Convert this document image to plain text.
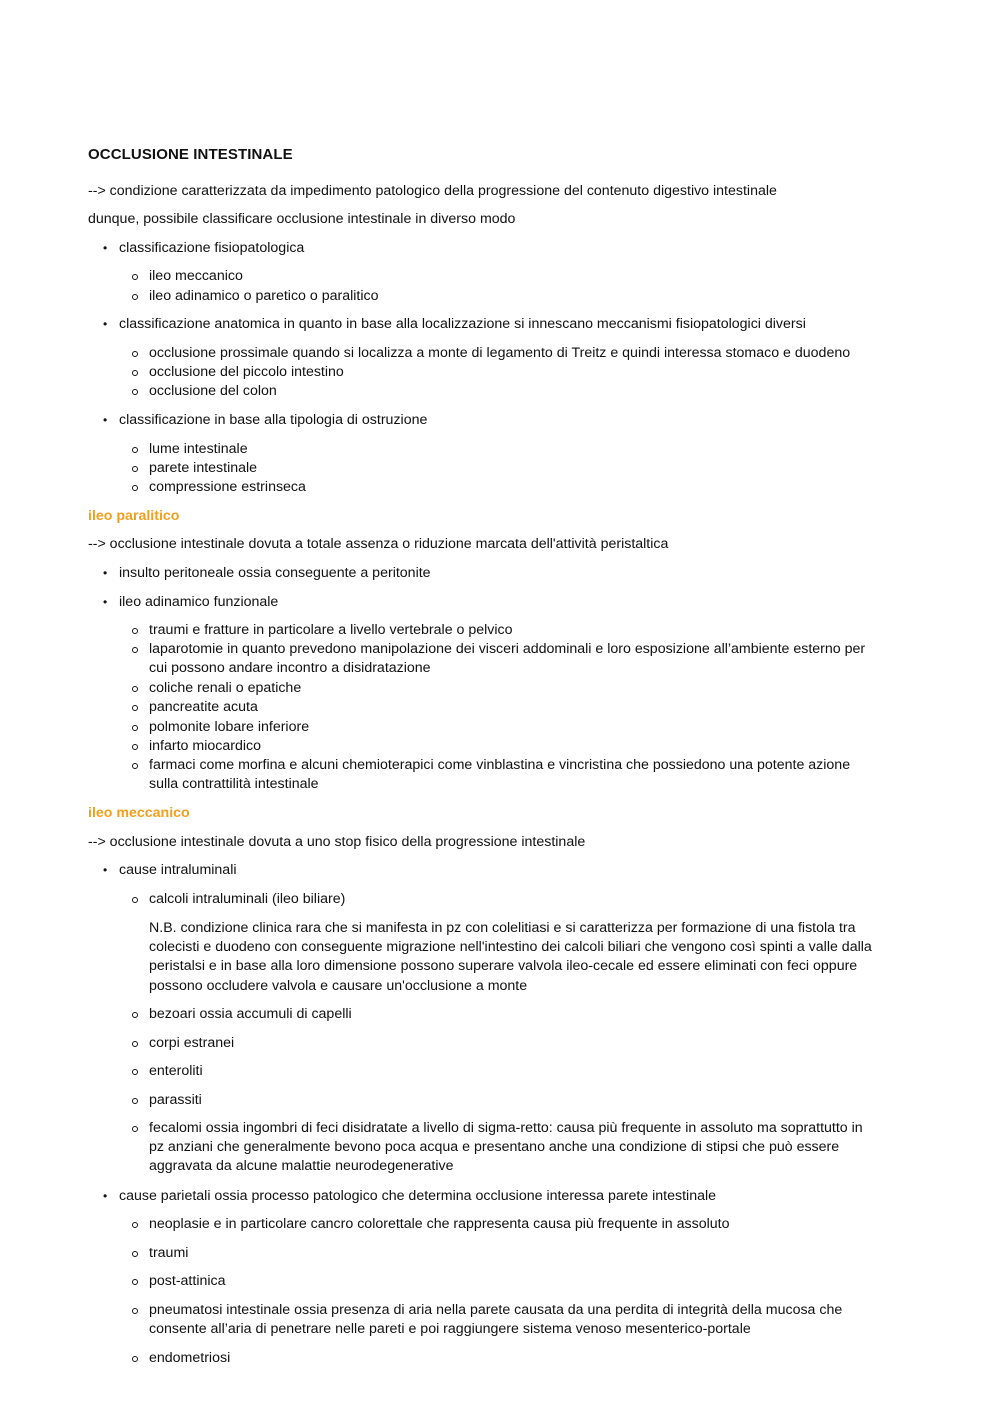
OCCLUSIONE INTESTINALE
--> condizione caratterizzata da impedimento patologico della progressione del contenuto digestivo intestinale
dunque, possibile classificare occlusione intestinale in diverso modo
• classificazione fisiopatologica
ileo meccanico
ileo adinamico o paretico o paralitico
• classificazione anatomica in quanto in base alla localizzazione si innescano meccanismi fisiopatologici diversi
occlusione prossimale quando si localizza a monte di legamento di Treitz e quindi interessa stomaco e duodeno
occlusione del piccolo intestino
occlusione del colon
• classificazione in base alla tipologia di ostruzione
lume intestinale
parete intestinale
compressione estrinseca
ileo paralitico
--> occlusione intestinale dovuta a totale assenza o riduzione marcata dell'attività peristaltica
• insulto peritoneale ossia conseguente a peritonite
• ileo adinamico funzionale
traumi e fratture in particolare a livello vertebrale o pelvico
laparotomie in quanto prevedono manipolazione dei visceri addominali e loro esposizione all’ambiente esterno per cui possono andare incontro a disidratazione
coliche renali o epatiche
pancreatite acuta
polmonite lobare inferiore
infarto miocardico
farmaci come morfina e alcuni chemioterapici come vinblastina e vincristina che possiedono una potente azione sulla contrattilità intestinale
ileo meccanico
--> occlusione intestinale dovuta a uno stop fisico della progressione intestinale
• cause intraluminali
calcoli intraluminali (ileo biliare)
N.B. condizione clinica rara che si manifesta in pz con colelitiasi e si caratterizza per formazione di una fistola tra colecisti e duodeno con conseguente migrazione nell'intestino dei calcoli biliari che vengono così spinti a valle dalla peristalsi e in base alla loro dimensione possono superare valvola ileo-cecale ed essere eliminati con feci oppure possono occludere valvola e causare un'occlusione a monte
bezoari ossia accumuli di capelli
corpi estranei
enteroliti
parassiti
fecalomi ossia ingombri di feci disidratate a livello di sigma-retto: causa più frequente in assoluto ma soprattutto in pz anziani che generalmente bevono poca acqua e presentano anche una condizione di stipsi che può essere aggravata da alcune malattie neurodegenerative
• cause parietali ossia processo patologico che determina occlusione interessa parete intestinale
neoplasie e in particolare cancro colorettale che rappresenta causa più frequente in assoluto
traumi
post-attinica
pneumatosi intestinale ossia presenza di aria nella parete causata da una perdita di integrità della mucosa che consente all’aria di penetrare nelle pareti e poi raggiungere sistema venoso mesenterico-portale
endometriosi
